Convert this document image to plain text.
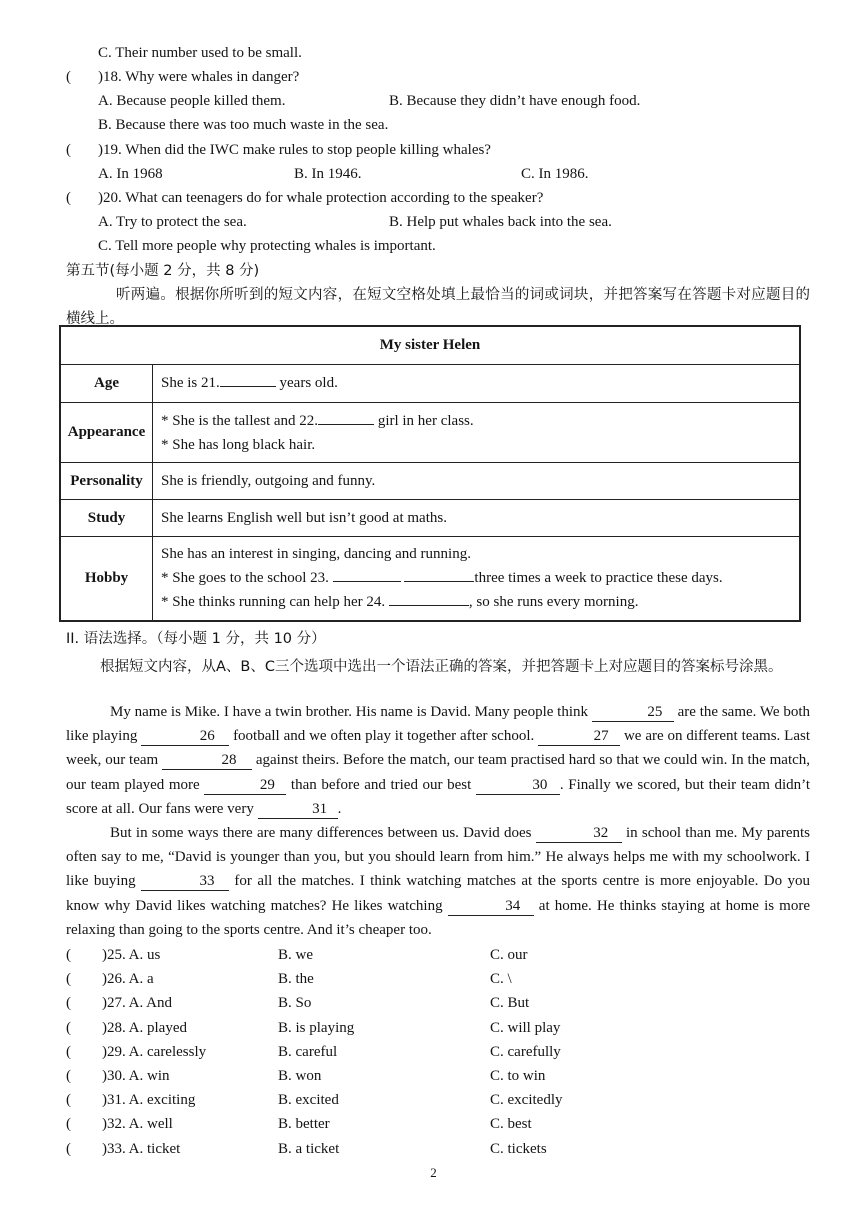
C. Their number used to be small.
( )18. Why were whales in danger?
A. Because people killed them.	B. Because they didn’t have enough food.
B. Because there was too much waste in the sea.
( )19. When did the IWC make rules to stop people killing whales?
A. In 1968	B. In 1946.	C. In 1986.
( )20. What can teenagers do for whale protection according to the speaker?
A. Try to protect the sea.	B. Help put whales back into the sea.
C. Tell more people why protecting whales is important.
第五节(每小题 2 分，共 8 分)
听两遍。根据你所听到的短文内容，在短文空格处填上最恰当的词或词块，并把答案写在答题卡对应题目的横线上。
My sister Helen	
Age	She is 21. years old.
Appearance	* She is the tallest and 22. girl in her class.
* She has long black hair.

Personality	She is friendly, outgoing and funny.
Study	She learns English well but isn’t good at maths.
Hobby	She has an interest in singing, dancing and running.
* She goes to the school 23. three times a week to practice these days.
* She thinks running can help her 24. , so she runs every morning.
II. 语法选择。（每小题 1 分，共 10 分）
根据短文内容，从A、B、C三个选项中选出一个语法正确的答案，并把答题卡上对应题目的答案标号涂黑。
My name is Mike. I have a twin brother. His name is David. Many people think	25 are the same. We both like playing	26 football and we often play it together after school.	27 we are on different teams. Last week, our team	28 against theirs. Before the match, our team practised hard so that we could win. In the match, our team played more	29 than before and tried our best	30 . Finally we scored, but their team didn’t score at all. Our fans were very	31 .
But in some ways there are many differences between us. David does	32 in school than me. My parents often say to me, “David is younger than you, but you should learn from him.” He always helps me with my schoolwork. I like buying	33 for all the matches. I think watching matches at the sports centre is more enjoyable. Do you know why David likes watching matches? He likes watching	34 at home. He thinks staying at home is more relaxing than going to the sports centre. And it’s cheaper too.
( )25. A. us	B. we	C. our
( )26. A. a	B. the	C. \
( )27. A. And	B. So	C. But
( )28. A. played	B. is playing	C. will play
( )29. A. carelessly	B. careful	C. carefully
( )30. A. win	B. won	C. to win
( )31. A. exciting	B. excited	C. excitedly
( )32. A. well	B. better	C. best
( )33. A. ticket	B. a ticket	C. tickets
2
